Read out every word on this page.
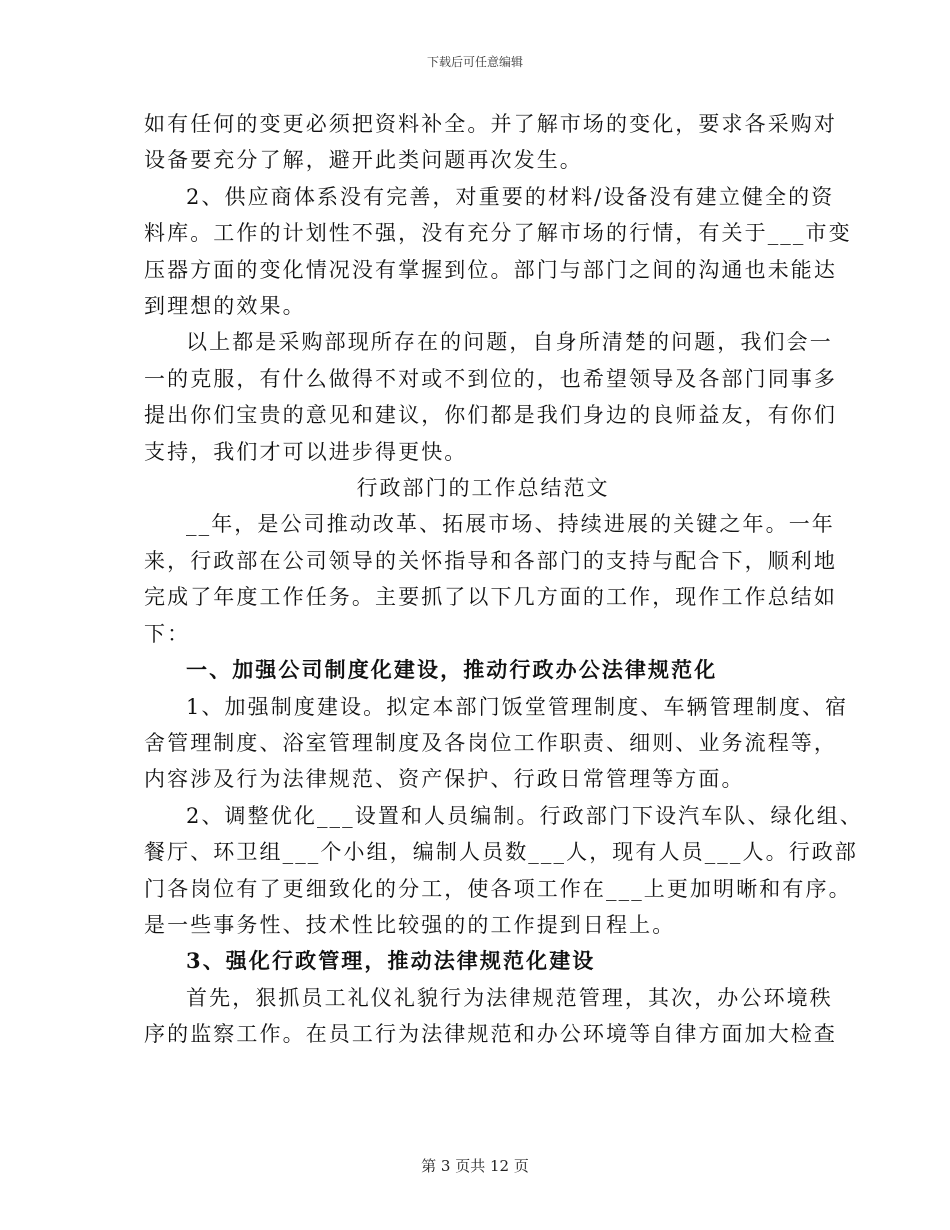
下载后可任意编辑
如有任何的变更必须把资料补全。并了解市场的变化，要求各采购对
设备要充分了解，避开此类问题再次发生。
2、供应商体系没有完善，对重要的材料/设备没有建立健全的资
料库。工作的计划性不强，没有充分了解市场的行情，有关于___市变
压器方面的变化情况没有掌握到位。部门与部门之间的沟通也未能达
到理想的效果。
以上都是采购部现所存在的问题，自身所清楚的问题，我们会一
一的克服，有什么做得不对或不到位的，也希望领导及各部门同事多
提出你们宝贵的意见和建议，你们都是我们身边的良师益友，有你们
支持，我们才可以进步得更快。
行政部门的工作总结范文
__年，是公司推动改革、拓展市场、持续进展的关键之年。一年
来，行政部在公司领导的关怀指导和各部门的支持与配合下，顺利地
完成了年度工作任务。主要抓了以下几方面的工作，现作工作总结如
下：
一、加强公司制度化建设，推动行政办公法律规范化
1、加强制度建设。拟定本部门饭堂管理制度、车辆管理制度、宿
舍管理制度、浴室管理制度及各岗位工作职责、细则、业务流程等，
内容涉及行为法律规范、资产保护、行政日常管理等方面。
2、调整优化___设置和人员编制。行政部门下设汽车队、绿化组、
餐厅、环卫组___个小组，编制人员数___人，现有人员___人。行政部
门各岗位有了更细致化的分工，使各项工作在___上更加明晰和有序。
是一些事务性、技术性比较强的的工作提到日程上。
3、强化行政管理，推动法律规范化建设
首先，狠抓员工礼仪礼貌行为法律规范管理，其次，办公环境秩
序的监察工作。在员工行为法律规范和办公环境等自律方面加大检查
第 3 页共 12 页
